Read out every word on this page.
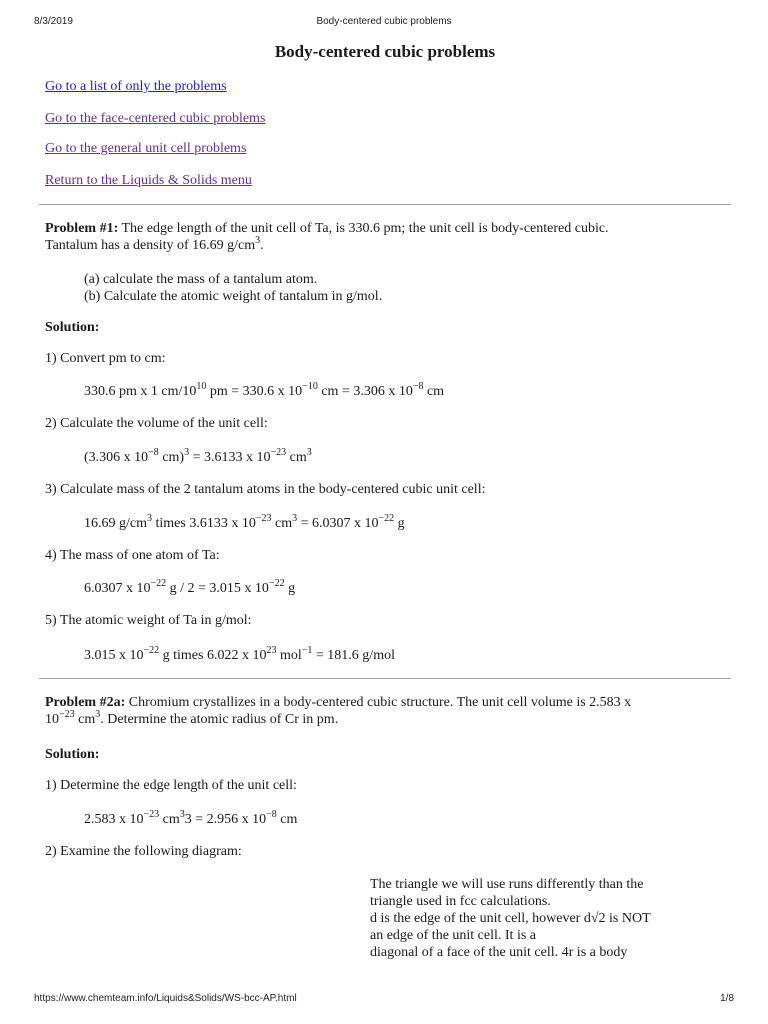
8/3/2019	Body-centered cubic problems
Body-centered cubic problems
Go to a list of only the problems
Go to the face-centered cubic problems
Go to the general unit cell problems
Return to the Liquids & Solids menu
Problem #1: The edge length of the unit cell of Ta, is 330.6 pm; the unit cell is body-centered cubic.
Tantalum has a density of 16.69 $g/cm^3$.
(a) calculate the mass of a tantalum atom.
(b) Calculate the atomic weight of tantalum in g/mol.
Solution:
1) Convert pm to cm:
330.6 pm x 1 $cm/10^{10}$ pm = 330.6 x $10^{-10}$ cm = 3.306 x $10^{-8}$ cm
2) Calculate the volume of the unit cell:
(3.306 x $10^{-8}$ cm)$^3$ = 3.6133 x $10^{-23}$ $cm^3$
3) Calculate mass of the 2 tantalum atoms in the body-centered cubic unit cell:
16.69 $g/cm^3$ times 3.6133 x $10^{-23}$ $cm^3 = 6.0307$ x $10^{-22}$ g
4) The mass of one atom of Ta:
6.0307 x $10^{-22}$ g / 2 = 3.015 x $10^{-22}$ g
5) The atomic weight of Ta in g/mol:
3.015 x $10^{-22}$ g times 6.022 x $10^{23}$ mol$^{-1}$ = 181.6 g/mol
Problem #2a: Chromium crystallizes in a body-centered cubic structure. The unit cell volume is 2.583 x
$10^{-23}$ $cm^3$. Determine the atomic radius of Cr in pm.
Solution:
1) Determine the edge length of the unit cell:
2.583 x $10^{-23}$ $cm^33 = 2.956$ x $10^{-8}$ cm
2) Examine the following diagram:
The triangle we will use runs differently than the
triangle used in fcc calculations.
d is the edge of the unit cell, however d√2 is NOT
an edge of the unit cell. It is a
diagonal of a face of the unit cell. 4r is a body
https://www.chemteam.info/Liquids&Solids/WS-bcc-AP.html	1/8
